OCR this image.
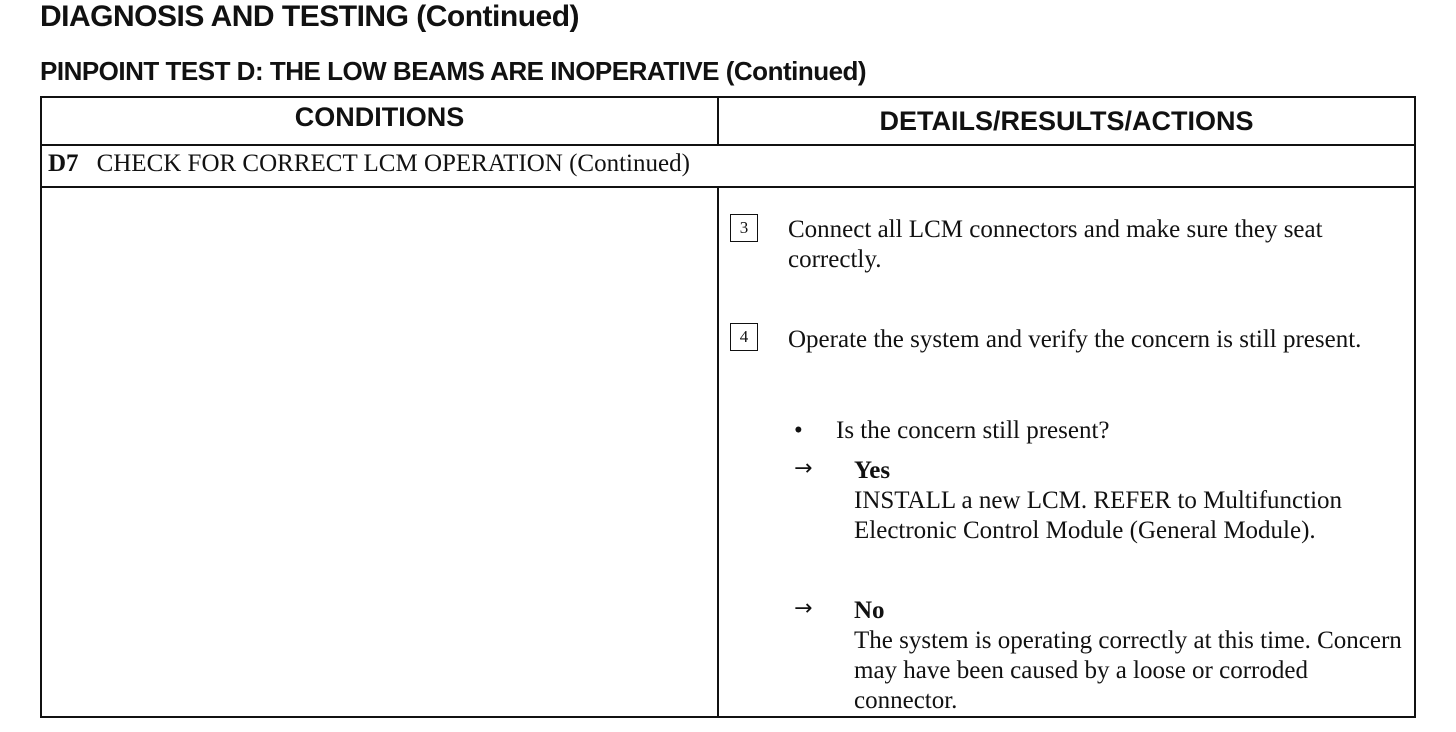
DIAGNOSIS AND TESTING (Continued)
PINPOINT TEST D: THE LOW BEAMS ARE INOPERATIVE (Continued)
CONDITIONS	DETAILS/RESULTS/ACTIONS
D7 CHECK FOR CORRECT LCM OPERATION (Continued)
3	Connect all LCM connectors and make sure they seat correctly.
4	Operate the system and verify the concern is still present.
• Is the concern still present?
→ Yes
INSTALL a new LCM. REFER to Multifunction Electronic Control Module (General Module).
→ No
The system is operating correctly at this time. Concern may have been caused by a loose or corroded connector.
